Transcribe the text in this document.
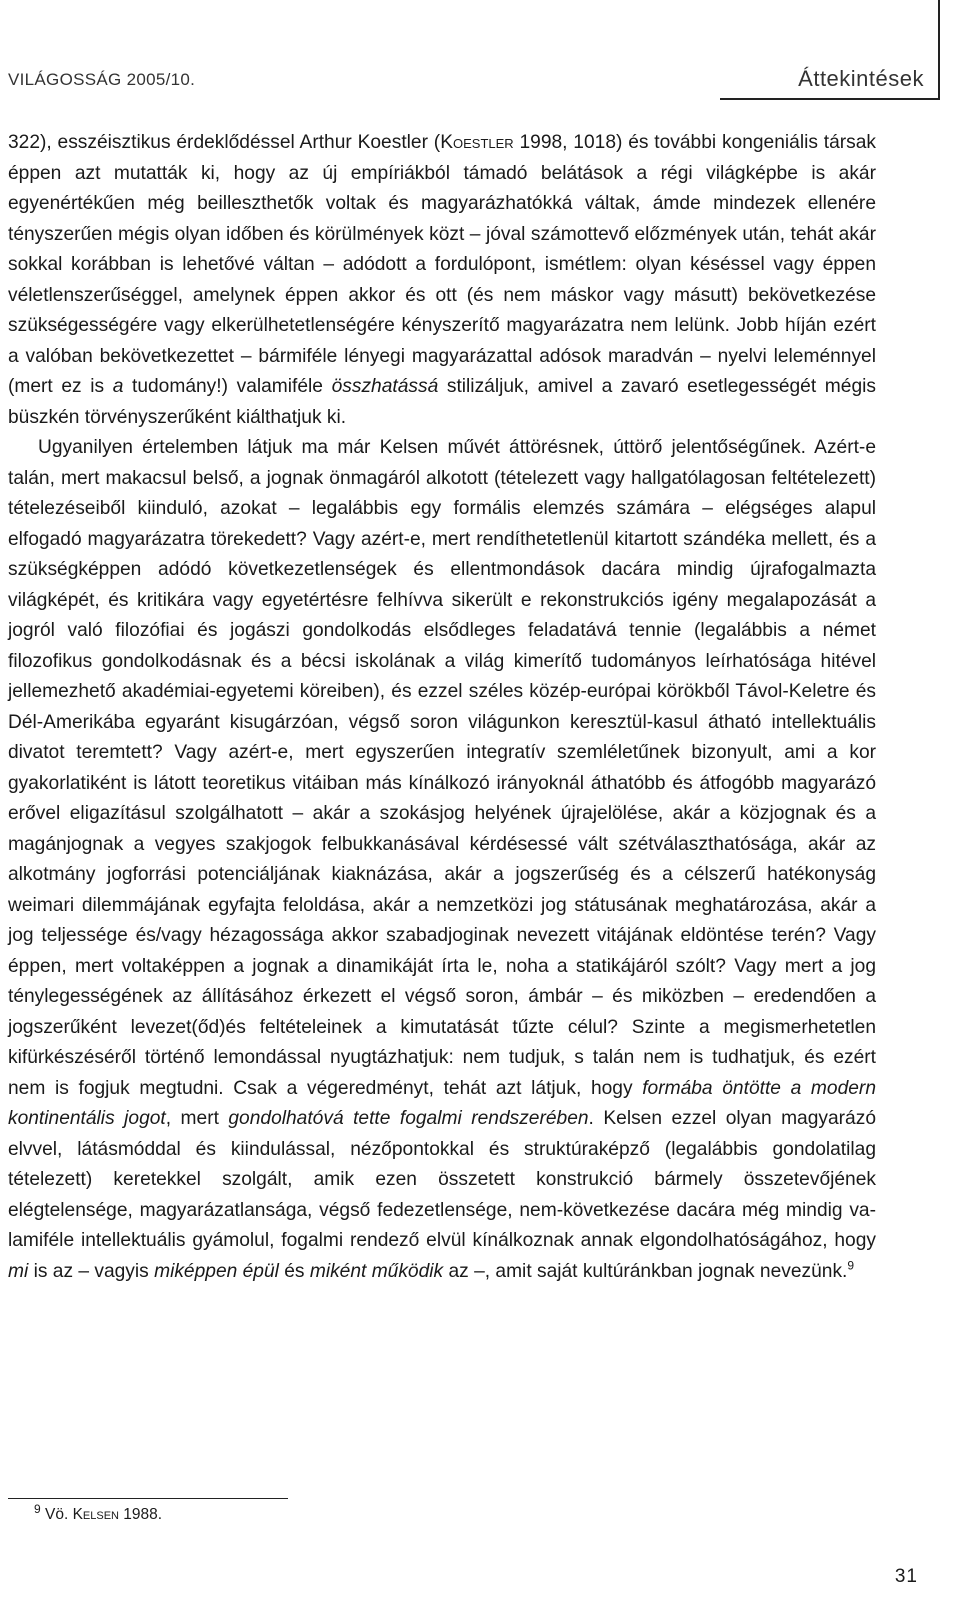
VILÁGOSSÁG 2005/10.	Áttekintések

322), esszéisztikus érdeklődéssel Arthur Koestler (Koestler 1998, 1018) és további kongeniális társak éppen azt mutatták ki, hogy az új empíriákból támadó belátások a régi világképbe is akár egyenértékűen még beilleszthetők voltak és magyarázhatókká váltak, ámde mindezek ellenére tényszerűen mégis olyan időben és körülmények közt – jóval számottevő előzmények után, tehát akár sokkal korábban is lehetővé váltan – adódott a fordulópont, ismétlem: olyan késéssel vagy éppen véletlenszerűséggel, amelynek éppen akkor és ott (és nem máskor vagy másutt) bekövetkezése szükségességére vagy elkerülhetetlenségére kényszerítő magyarázatra nem lelünk. Jobb híján ezért a valóban bekövetkezettet – bármiféle lényegi magyarázattal adósok maradván – nyelvi leleménnyel (mert ez is a tudomány!) valamiféle összhatássá stilizáljuk, amivel a zavaró esetlegességét mégis büszkén törvényszerűként kiálthatjuk ki.

Ugyanilyen értelemben látjuk ma már Kelsen művét áttörésnek, úttörő jelentőségűnek. Azért-e talán, mert makacsul belső, a jognak önmagáról alkotott (tételezett vagy hallgatólagosan feltételezett) tételezéseiből kiinduló, azokat – legalábbis egy formális elemzés számára – elégséges alapul elfogadó magyarázatra törekedett? Vagy azért-e, mert rendíthetetlenül kitartott szándéka mellett, és a szükségképpen adódó következetlenségek és ellentmondások dacára mindig újrafogalmazta világképét, és kritikára vagy egyetértésre felhívva sikerült e rekonstrukciós igény megalapozását a jogról való filozófiai és jogászi gondolkodás elsődleges feladatává tennie (legalábbis a német filozofikus gondolkodásnak és a bécsi iskolának a világ kimerítő tudományos leírhatósága hitével jellemezhető akadémiai-egyetemi köreiben), és ezzel széles közép-európai körökből Távol-Keletre és Dél-Amerikába egyaránt kisugárzóan, végső soron világunkon keresztül-kasul átható intellektuális divatot teremtett? Vagy azért-e, mert egyszerűen integratív szemléletűnek bizonyult, ami a kor gyakorlatiként is látott teoretikus vitáiban más kínálkozó irányoknál áthatóbb és átfogóbb magyarázó erővel eligazításul szolgálhatott – akár a szokásjog helyének újrajelölése, akár a közjognak és a magánjognak a vegyes szakjogok felbukkanásával kérdésessé vált szétválaszthatósága, akár az alkotmány jogforrási potenciáljának kiaknázása, akár a jogszerűség és a célszerű hatékonyság weimari dilemmájának egyfajta feloldása, akár a nemzetközi jog státusának meghatározása, akár a jog teljessége és/vagy hézagossága akkor szabadjoginak nevezett vitájának eldöntése terén? Vagy éppen, mert voltaképpen a jognak a dinamikáját írta le, noha a statikájáról szólt? Vagy mert a jog ténylegességének az állításához érkezett el végső soron, ámbár – és miközben – eredendően a jogszerűként levezet(őd)és feltételeinek a kimutatását tűzte célul? Szinte a megismerhetetlen kifürkészéséről történő lemondással nyugtázhatjuk: nem tudjuk, s talán nem is tudhatjuk, és ezért nem is fogjuk megtudni. Csak a végeredményt, tehát azt látjuk, hogy formába öntötte a modern kontinentális jogot, mert gondolhatóvá tette fogalmi rendszerében. Kelsen ezzel olyan magyarázó elvvel, látásmóddal és kiindulással, nézőpontokkal és struktúraképző (legalábbis gondolatilag tételezett) keretekkel szolgált, amik ezen összetett konstrukció bármely összetevőjének elégtelensége, magyarázatlansága, végső fedezetlensége, nem-következése dacára még mindig valamiféle intellektuális gyámolul, fogalmi rendező elvül kínálkoznak annak elgondolhatóságához, hogy mi is az – vagyis miképpen épül és miként működik az –, amit saját kultúránkban jognak nevezünk.$^9$

$^9$ Vö. Kelsen 1988.
31
